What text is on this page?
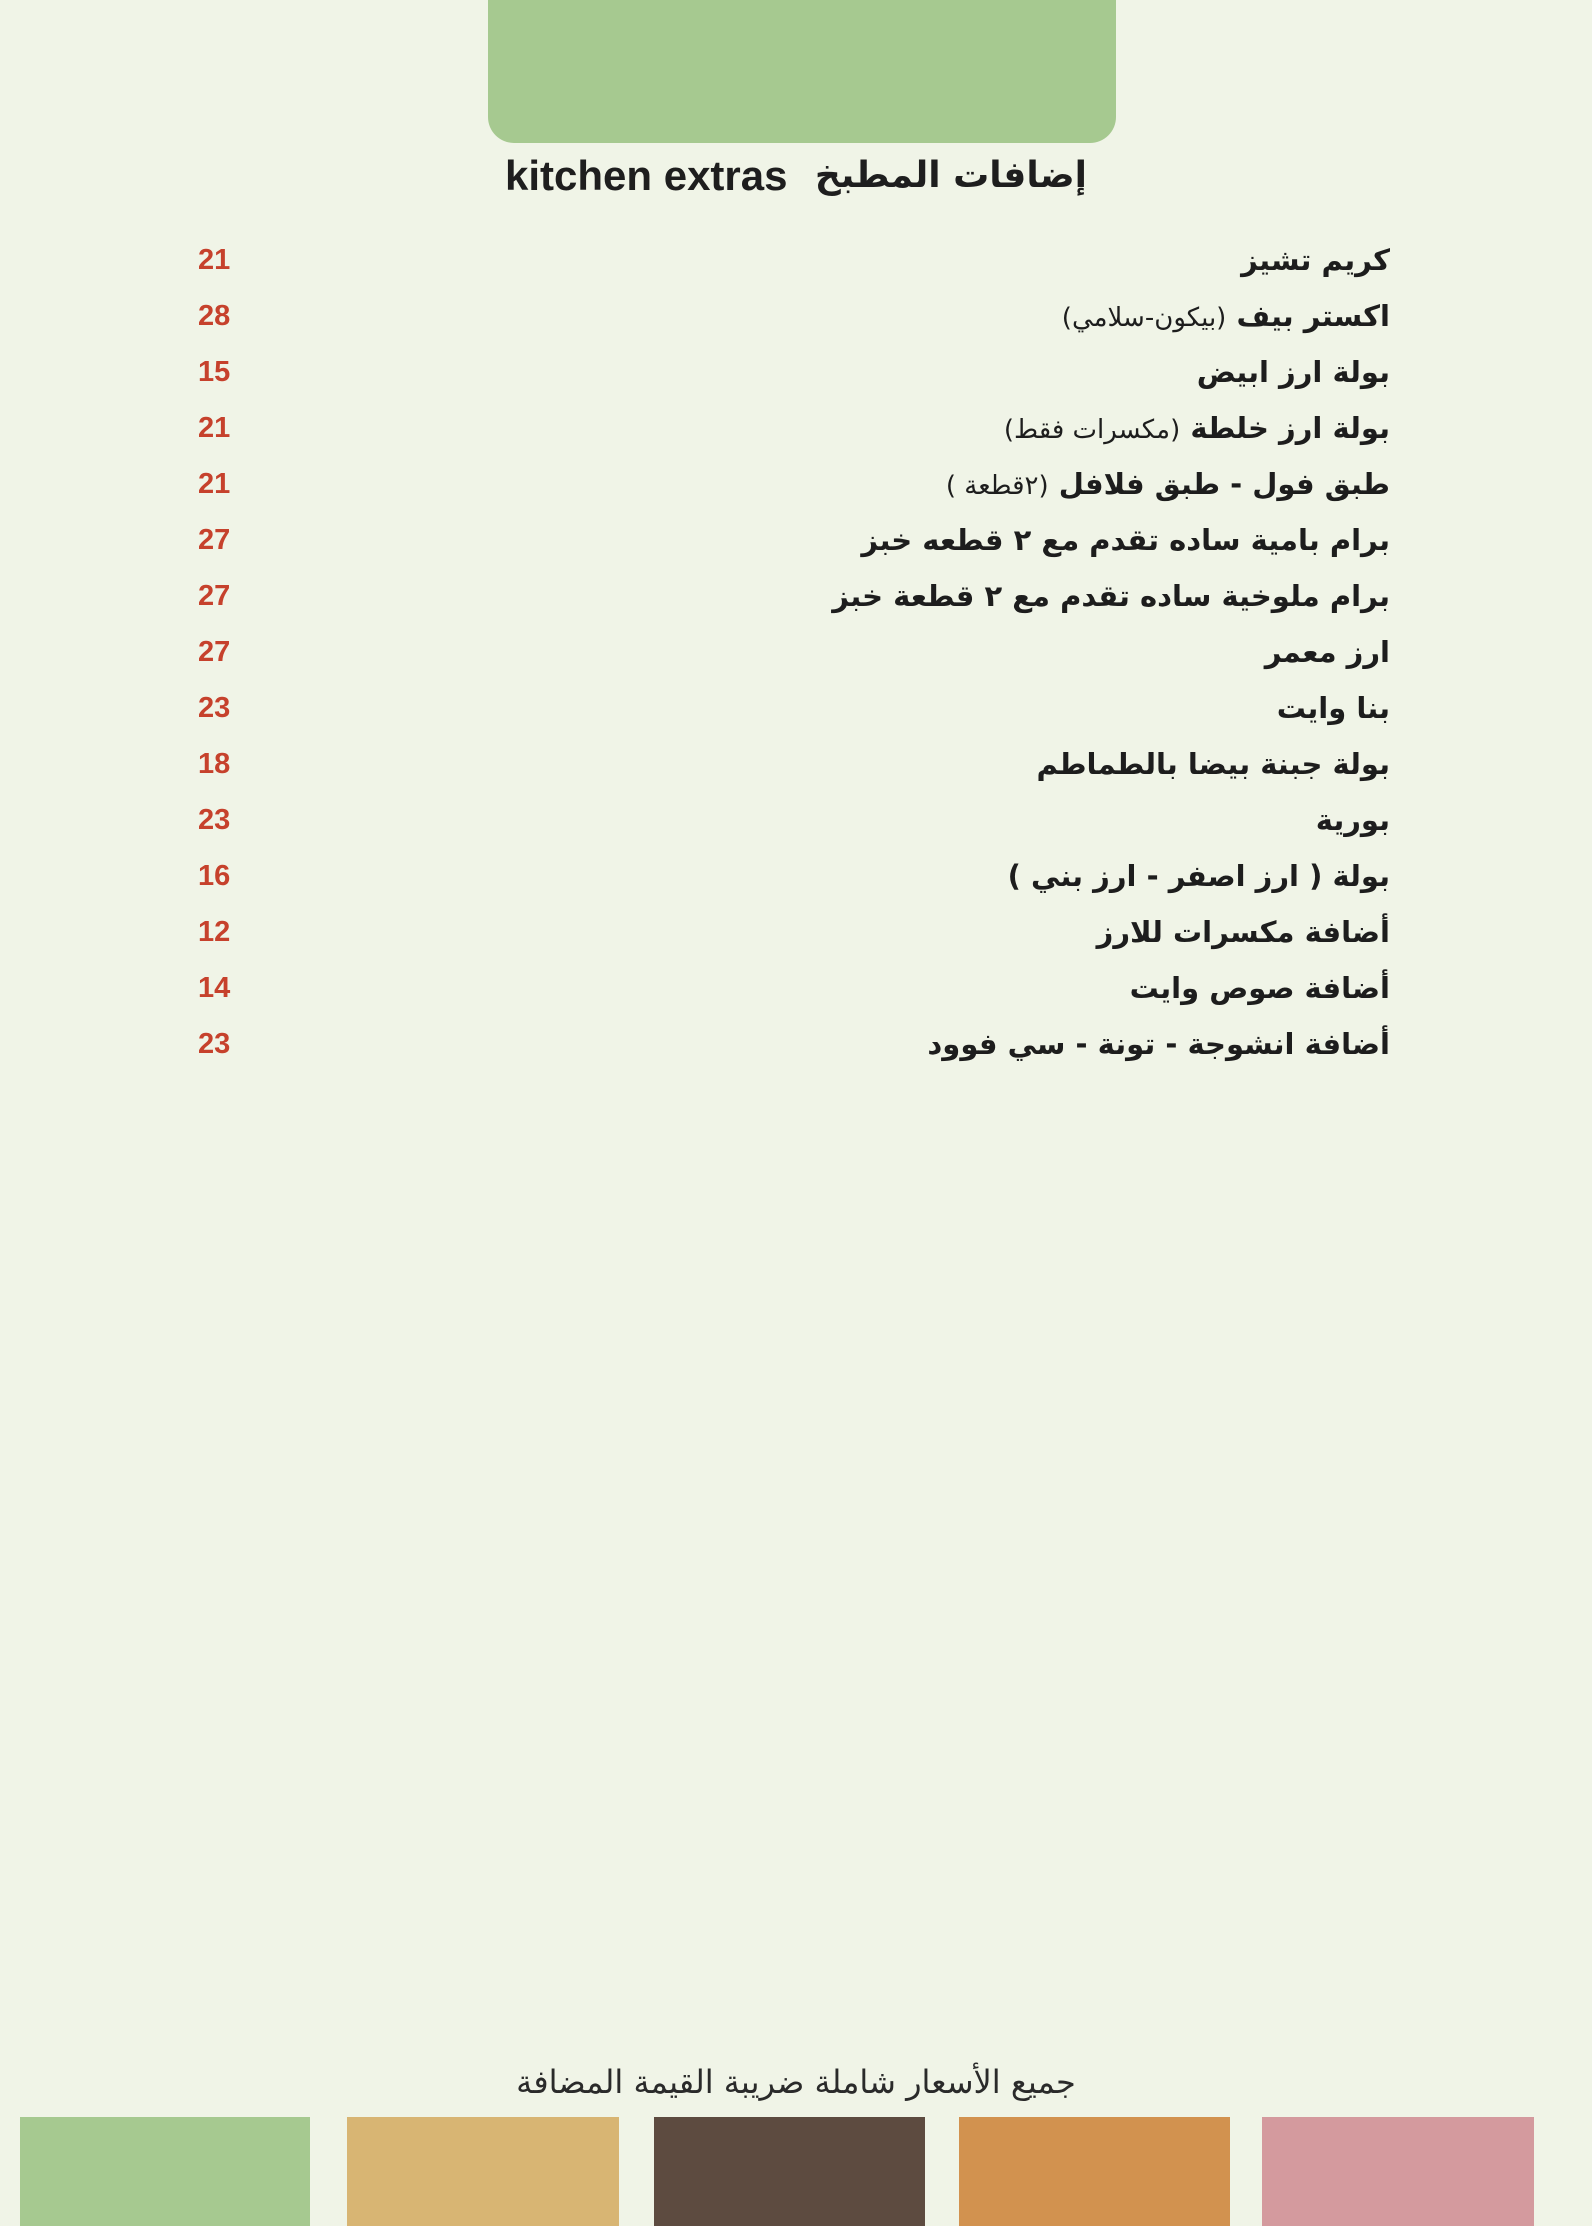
kitchen extras إضافات المطبخ
كريم تشيز
21
اكستر بيف (بيكون-سلامي)
28
بولة ارز ابيض
15
بولة ارز خلطة (مكسرات فقط)
21
طبق فول - طبق فلافل (٢قطعة )
21
برام بامية ساده تقدم مع ٢ قطعه خبز
27
برام ملوخية ساده تقدم مع ٢ قطعة خبز
27
ارز معمر
27
بنا وايت
23
بولة جبنة بيضا بالطماطم
18
بورية
23
بولة ( ارز اصفر - ارز بني )
16
أضافة مكسرات للارز
12
أضافة صوص وايت
14
أضافة انشوجة - تونة - سي فوود
23
جميع الأسعار شاملة ضريبة القيمة المضافة
